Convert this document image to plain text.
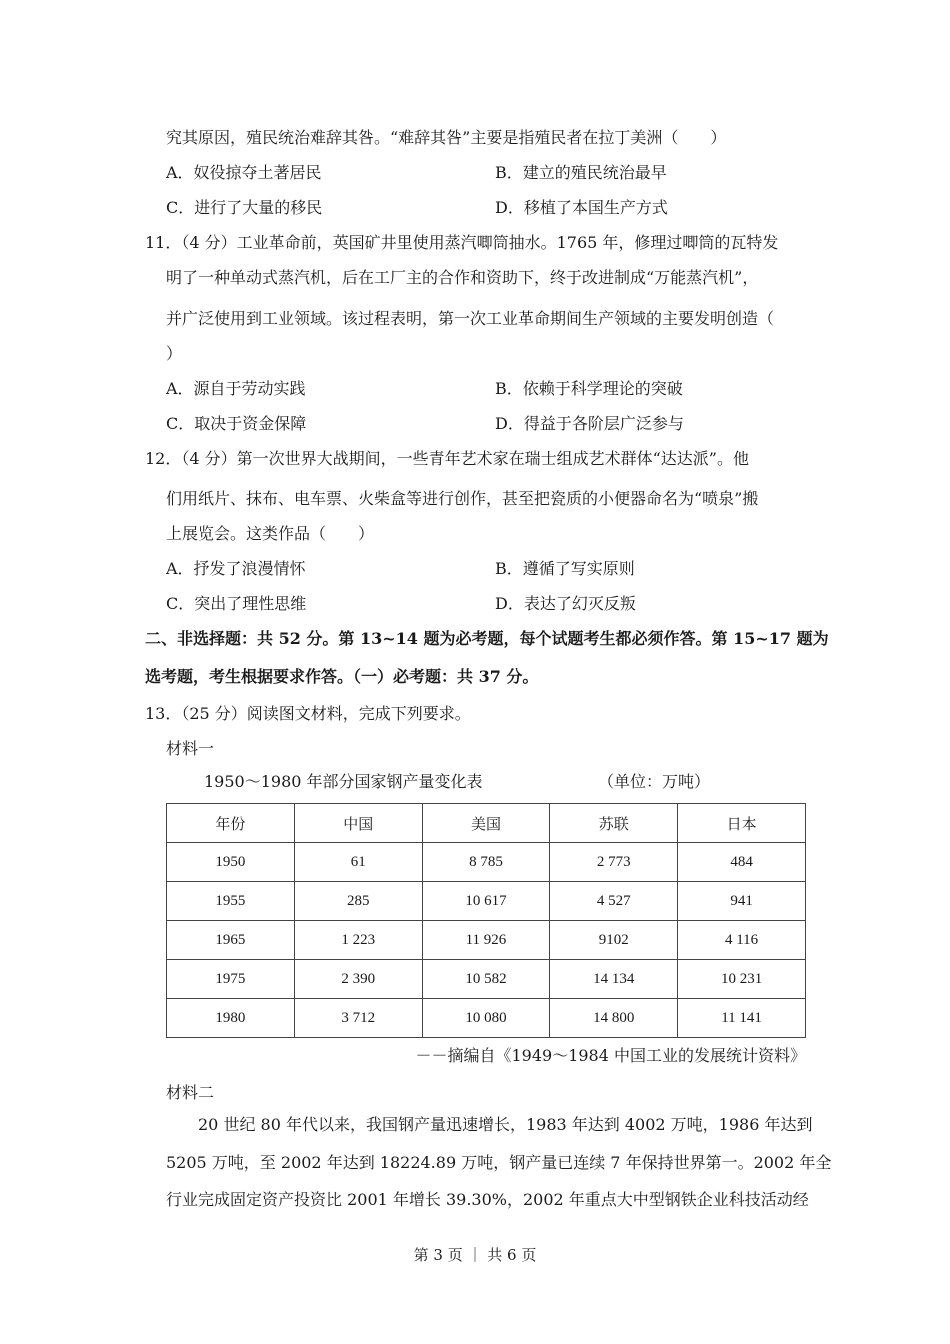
究其原因，殖民统治难辞其咎。“难辞其咎”主要是指殖民者在拉丁美洲（　　）
A．奴役掠夺土著居民	B．建立的殖民统治最早
C．进行了大量的移民	D．移植了本国生产方式
11．（4 分）工业革命前，英国矿井里使用蒸汽唧筒抽水。1765 年，修理过唧筒的瓦特发
明了一种单动式蒸汽机，后在工厂主的合作和资助下，终于改进制成“万能蒸汽机”，
并广泛使用到工业领域。该过程表明，第一次工业革命期间生产领域的主要发明创造（
）
A．源自于劳动实践	B．依赖于科学理论的突破
C．取决于资金保障	D．得益于各阶层广泛参与
12．（4 分）第一次世界大战期间，一些青年艺术家在瑞士组成艺术群体“达达派”。他
们用纸片、抹布、电车票、火柴盒等进行创作，甚至把瓷质的小便器命名为“喷泉”搬
上展览会。这类作品（　　）
A．抒发了浪漫情怀	B．遵循了写实原则
C．突出了理性思维	D．表达了幻灭反叛
二、非选择题：共 52 分。第 13~14 题为必考题，每个试题考生都必须作答。第 15~17 题为
选考题，考生根据要求作答。（一）必考题：共 37 分。
13．（25 分）阅读图文材料，完成下列要求。
材料一
1950～1980 年部分国家钢产量变化表	（单位：万吨）
年份	中国	美国	苏联	日本
1950	61	8 785	2 773	484
1955	285	10 617	4 527	941
1965	1 223	11 926	9102	4 116
1975	2 390	10 582	14 134	10 231
1980	3 712	10 080	14 800	11 141
－－摘编自《1949～1984 中国工业的发展统计资料》
材料二
20 世纪 80 年代以来，我国钢产量迅速增长，1983 年达到 4002 万吨，1986 年达到
5205 万吨，至 2002 年达到 18224.89 万吨，钢产量已连续 7 年保持世界第一。2002 年全
行业完成固定资产投资比 2001 年增长 39.30%，2002 年重点大中型钢铁企业科技活动经
第 3 页 ｜ 共 6 页
